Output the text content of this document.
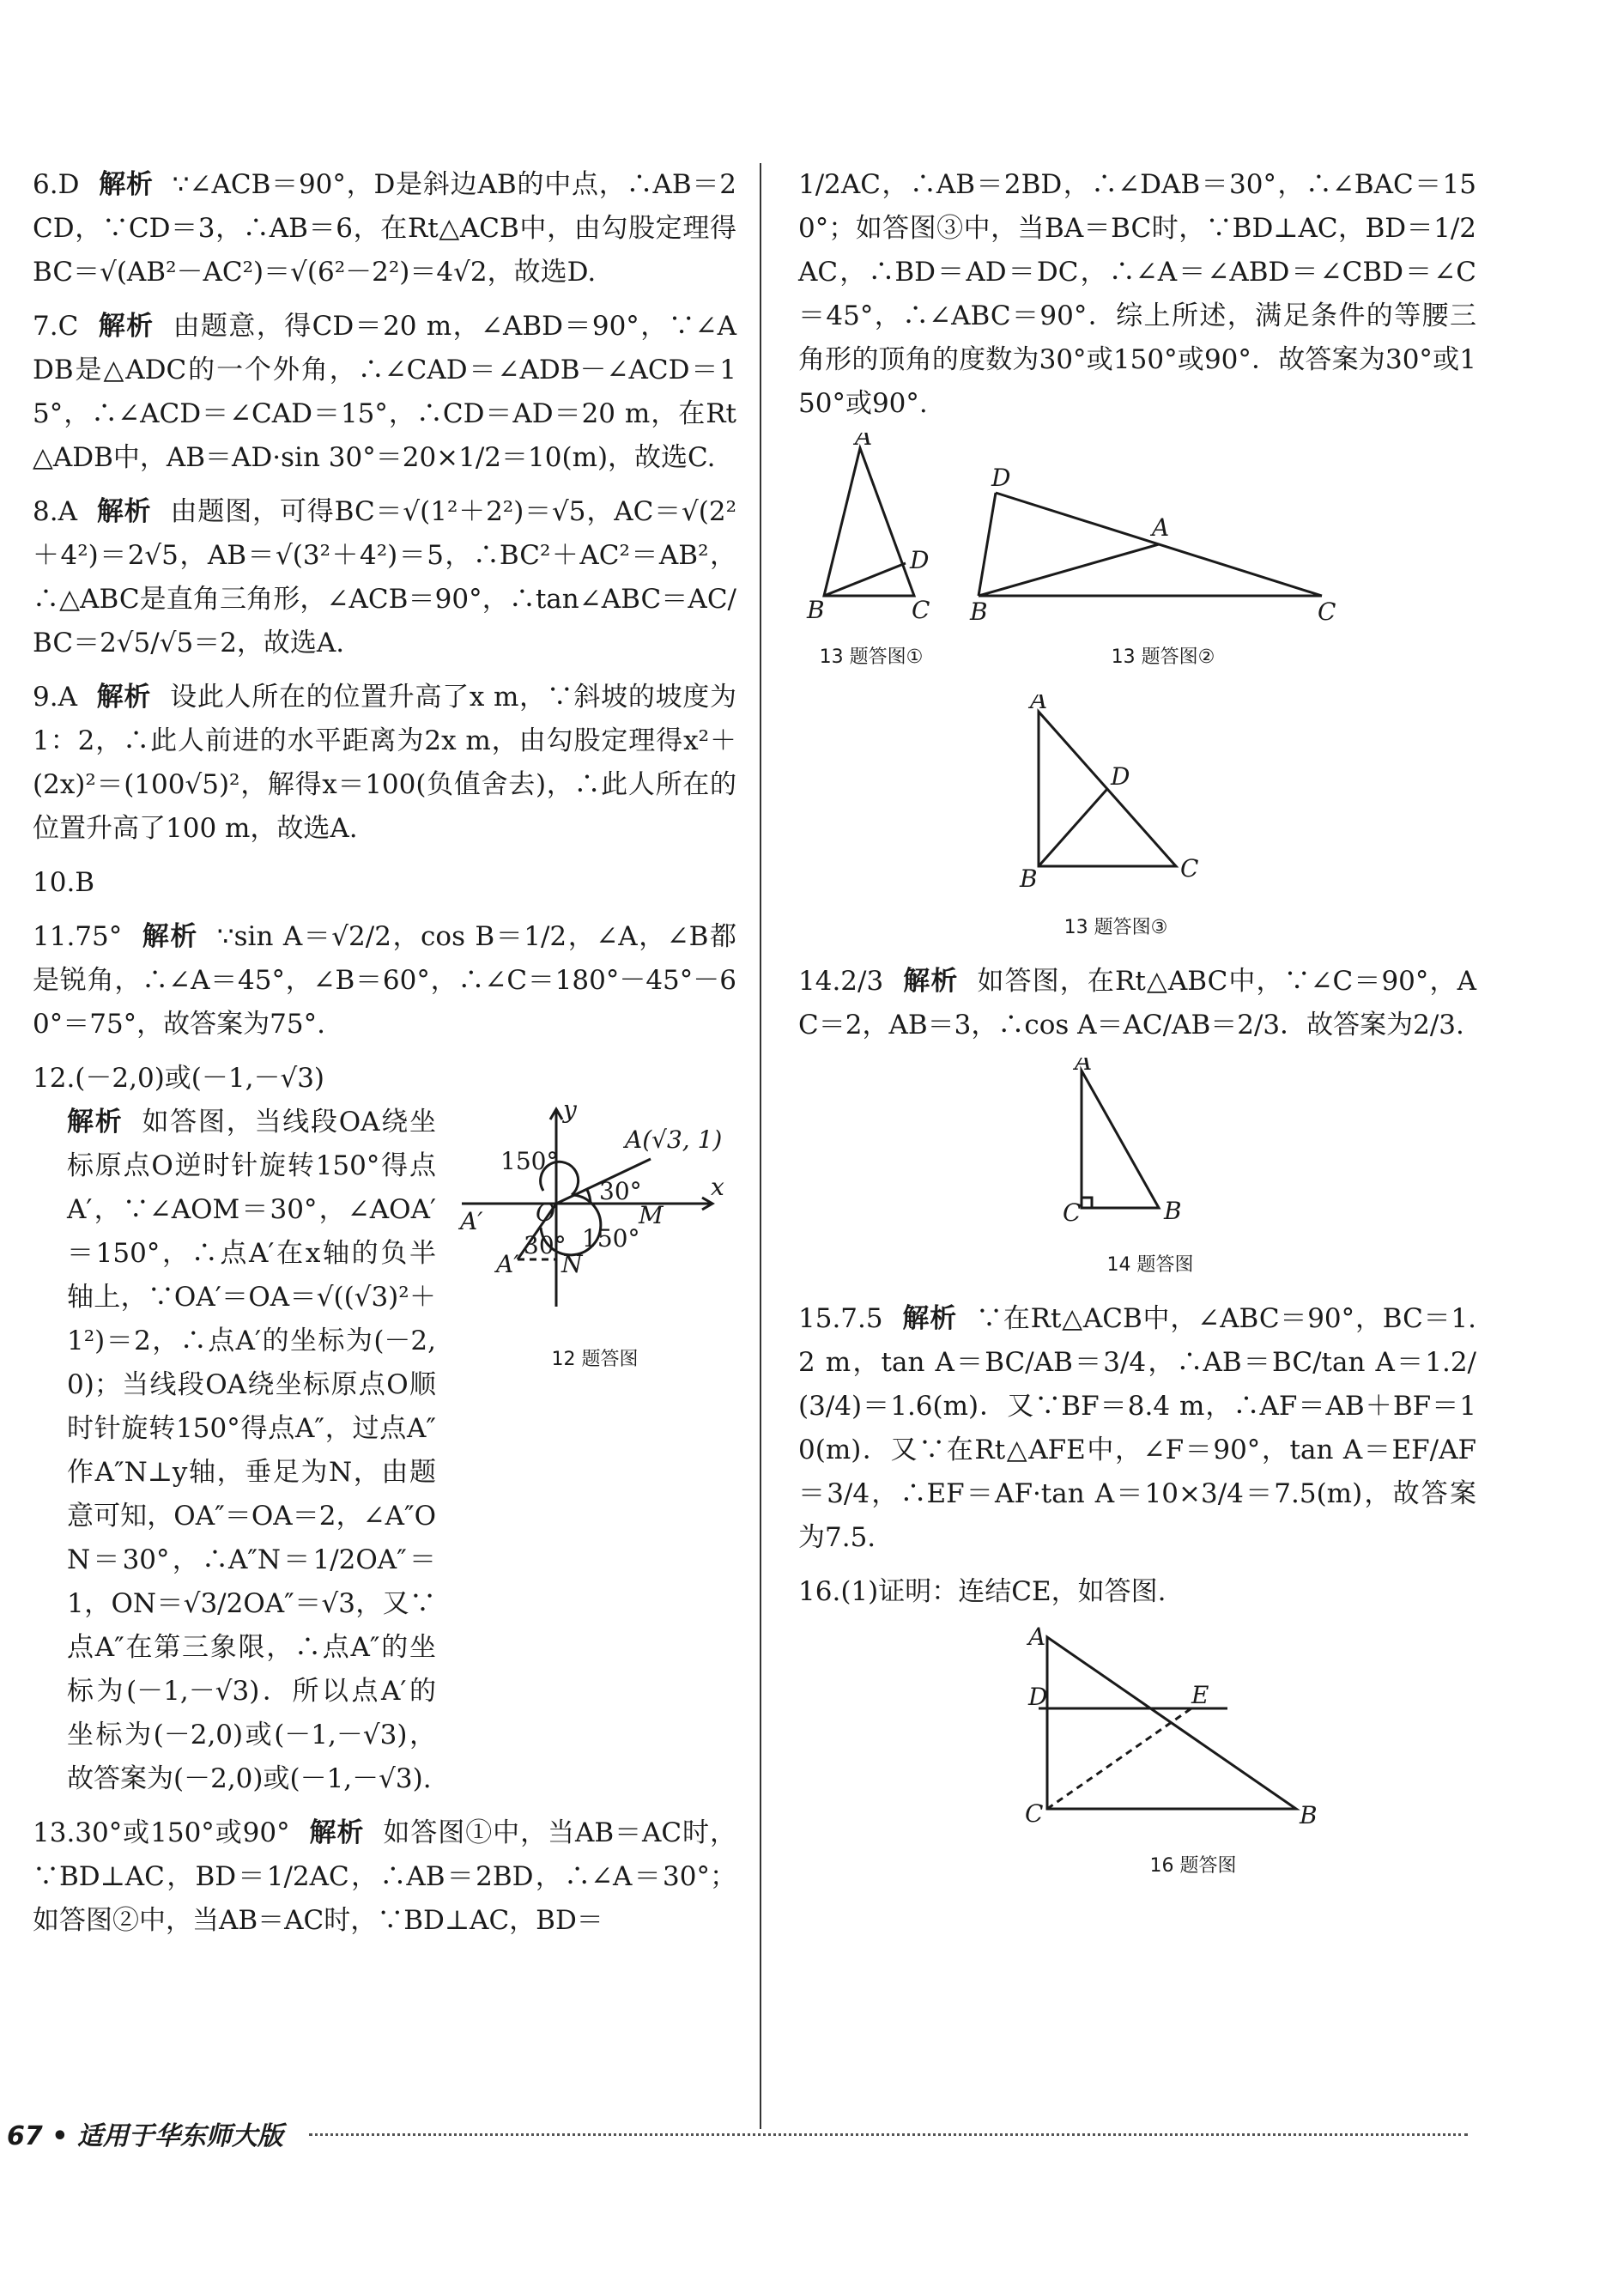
6.D 解析 ∵∠ACB＝90°，D是斜边AB的中点，∴AB＝2CD，∵CD＝3，∴AB＝6，在Rt△ACB中，由勾股定理得BC＝√(AB²－AC²)＝√(6²－2²)＝4√2，故选D.

7.C 解析 由题意，得CD＝20 m，∠ABD＝90°，∵∠ADB是△ADC的一个外角，∴∠CAD＝∠ADB－∠ACD＝15°，∴∠ACD＝∠CAD＝15°，∴CD＝AD＝20 m，在Rt△ADB中，AB＝AD·sin 30°＝20×1/2＝10(m)，故选C.

8.A 解析 由题图，可得BC＝√(1²＋2²)＝√5，AC＝√(2²＋4²)＝2√5，AB＝√(3²＋4²)＝5，∴BC²＋AC²＝AB²，∴△ABC是直角三角形，∠ACB＝90°，∴tan∠ABC＝AC/BC＝2√5/√5＝2，故选A.

9.A 解析 设此人所在的位置升高了x m，∵斜坡的坡度为1：2，∴此人前进的水平距离为2x m，由勾股定理得x²＋(2x)²＝(100√5)²，解得x＝100(负值舍去)，∴此人所在的位置升高了100 m，故选A.

10.B

11.75° 解析 ∵sin A＝√2/2，cos B＝1/2，∠A，∠B都是锐角，∴∠A＝45°，∠B＝60°，∴∠C＝180°－45°－60°＝75°，故答案为75°.

12.(－2,0)或(－1,－√3)

解析 如答图，当线段OA绕坐标原点O逆时针旋转150°得点A′，∵∠AOM＝30°，∠AOA′＝150°，∴点A′在x轴的负半轴上，∵OA′＝OA＝√((√3)²＋1²)＝2，∴点A′的坐标为(－2,0)；当线段OA绕坐标原点O顺时针旋转150°得点A″，过点A″作A″N⊥y轴，垂足为N，由题意可知，OA″＝OA＝2，∠A″ON＝30°，∴A″N＝1/2OA″＝1，ON＝√3/2OA″＝√3，又∵点A″在第三象限，∴点A″的坐标为(－1,－√3)．所以点A′的坐标为(－2,0)或(－1,－√3)，故答案为(－2,0)或(－1,－√3).

y
x
A(√3, 1)
A′
A″
O	M
N
150°
30°
30° 150°
12 题答图

13.30°或150°或90° 解析 如答图①中，当AB＝AC时，∵BD⊥AC，BD＝1/2AC，∴AB＝2BD，∴∠A＝30°；如答图②中，当AB＝AC时，∵BD⊥AC，BD＝

1/2AC，∴AB＝2BD，∴∠DAB＝30°，∴∠BAC＝150°；如答图③中，当BA＝BC时，∵BD⊥AC，BD＝1/2AC，∴BD＝AD＝DC，∴∠A＝∠ABD＝∠CBD＝∠C＝45°，∴∠ABC＝90°．综上所述，满足条件的等腰三角形的顶角的度数为30°或150°或90°．故答案为30°或150°或90°.

A
B	C
D
13 题答图①
D
A
B	C
13 题答图②
A
D
B	C
13 题答图③

14.2/3 解析 如答图，在Rt△ABC中，∵∠C＝90°，AC＝2，AB＝3，∴cos A＝AC/AB＝2/3．故答案为2/3.

A
C	B
14 题答图

15.7.5 解析 ∵在Rt△ACB中，∠ABC＝90°，BC＝1.2 m，tan A＝BC/AB＝3/4，∴AB＝BC/tan A＝1.2/(3/4)＝1.6(m)．又∵BF＝8.4 m，∴AF＝AB＋BF＝10(m)．又∵在Rt△AFE中，∠F＝90°，tan A＝EF/AF＝3/4，∴EF＝AF·tan A＝10×3/4＝7.5(m)，故答案为7.5.

16.(1)证明：连结CE，如答图.

A
D	E
C	B
16 题答图
67 • 适用于华东师大版
